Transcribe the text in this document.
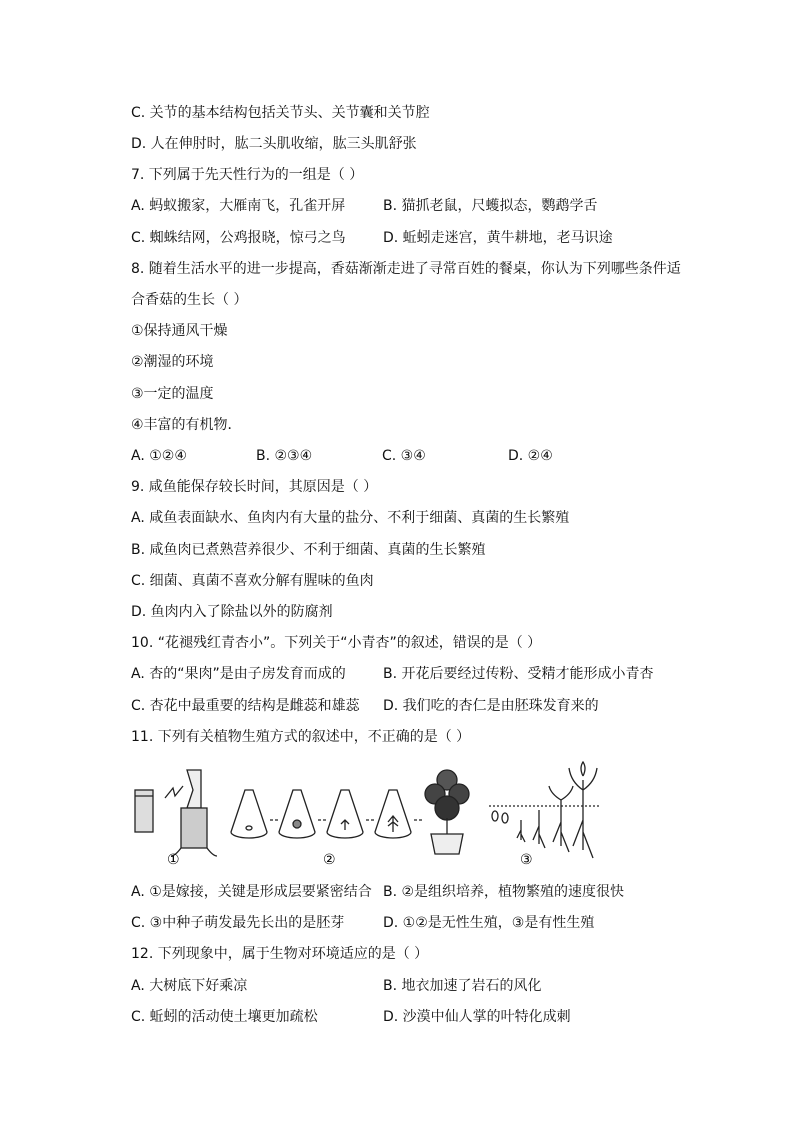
C. 关节的基本结构包括关节头、关节囊和关节腔
D. 人在伸肘时，肱二头肌收缩，肱三头肌舒张
7. 下列属于先天性行为的一组是（ ）
A. 蚂蚁搬家，大雁南飞，孔雀开屏	B. 猫抓老鼠，尺蠖拟态，鹦鹉学舌
C. 蜘蛛结网，公鸡报晓，惊弓之鸟	D. 蚯蚓走迷宫，黄牛耕地，老马识途
8. 随着生活水平的进一步提高，香菇渐渐走进了寻常百姓的餐桌，你认为下列哪些条件适
合香菇的生长（ ）
①保持通风干燥
②潮湿的环境
③一定的温度
④丰富的有机物．
A. ①②④	B. ②③④	C. ③④	D. ②④
9. 咸鱼能保存较长时间，其原因是（ ）
A. 咸鱼表面缺水、鱼肉内有大量的盐分、不利于细菌、真菌的生长繁殖
B. 咸鱼肉已煮熟营养很少、不利于细菌、真菌的生长繁殖
C. 细菌、真菌不喜欢分解有腥味的鱼肉
D. 鱼肉内入了除盐以外的防腐剂
10. “花褪残红青杏小”。下列关于“小青杏”的叙述，错误的是（ ）
A. 杏的“果肉”是由子房发育而成的	B. 开花后要经过传粉、受精才能形成小青杏
C. 杏花中最重要的结构是雌蕊和雄蕊 D. 我们吃的杏仁是由胚珠发育来的
11. 下列有关植物生殖方式的叙述中，不正确的是（ ）
①	②	③
A. ①是嫁接，关键是形成层要紧密结合 B. ②是组织培养，植物繁殖的速度很快
C. ③中种子萌发最先长出的是胚芽	D. ①②是无性生殖，③是有性生殖
12. 下列现象中，属于生物对环境适应的是（ ）
A. 大树底下好乘凉	B. 地衣加速了岩石的风化
C. 蚯蚓的活动使土壤更加疏松	D. 沙漠中仙人掌的叶特化成刺
